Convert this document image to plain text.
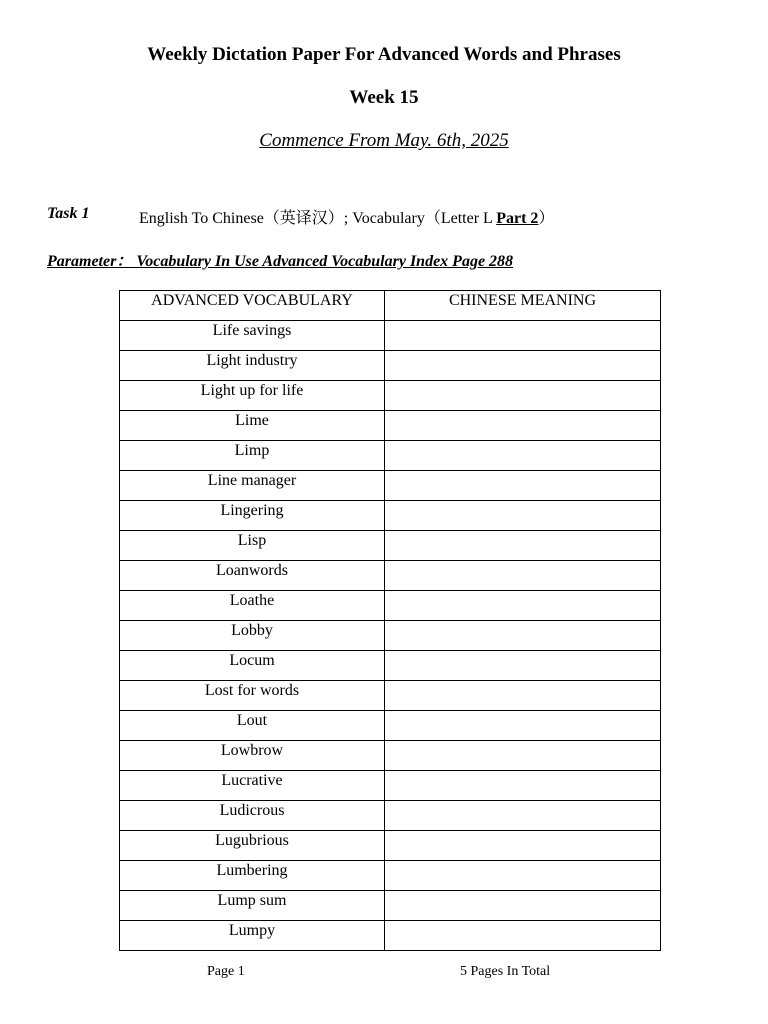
Weekly Dictation Paper For Advanced Words and Phrases
Week 15
Commence From May. 6th, 2025
Task 1	English To Chinese（英译汉）; Vocabulary（Letter L Part 2）
Parameter： Vocabulary In Use Advanced Vocabulary Index Page 288
ADVANCED VOCABULARY	CHINESE MEANING
Life savings	
Light industry	
Light up for life	
Lime	
Limp	
Line manager	
Lingering	
Lisp	
Loanwords	
Loathe	
Lobby	
Locum	
Lost for words	
Lout	
Lowbrow	
Lucrative	
Ludicrous	
Lugubrious	
Lumbering	
Lump sum	
Lumpy	
Page 1	5 Pages In Total
